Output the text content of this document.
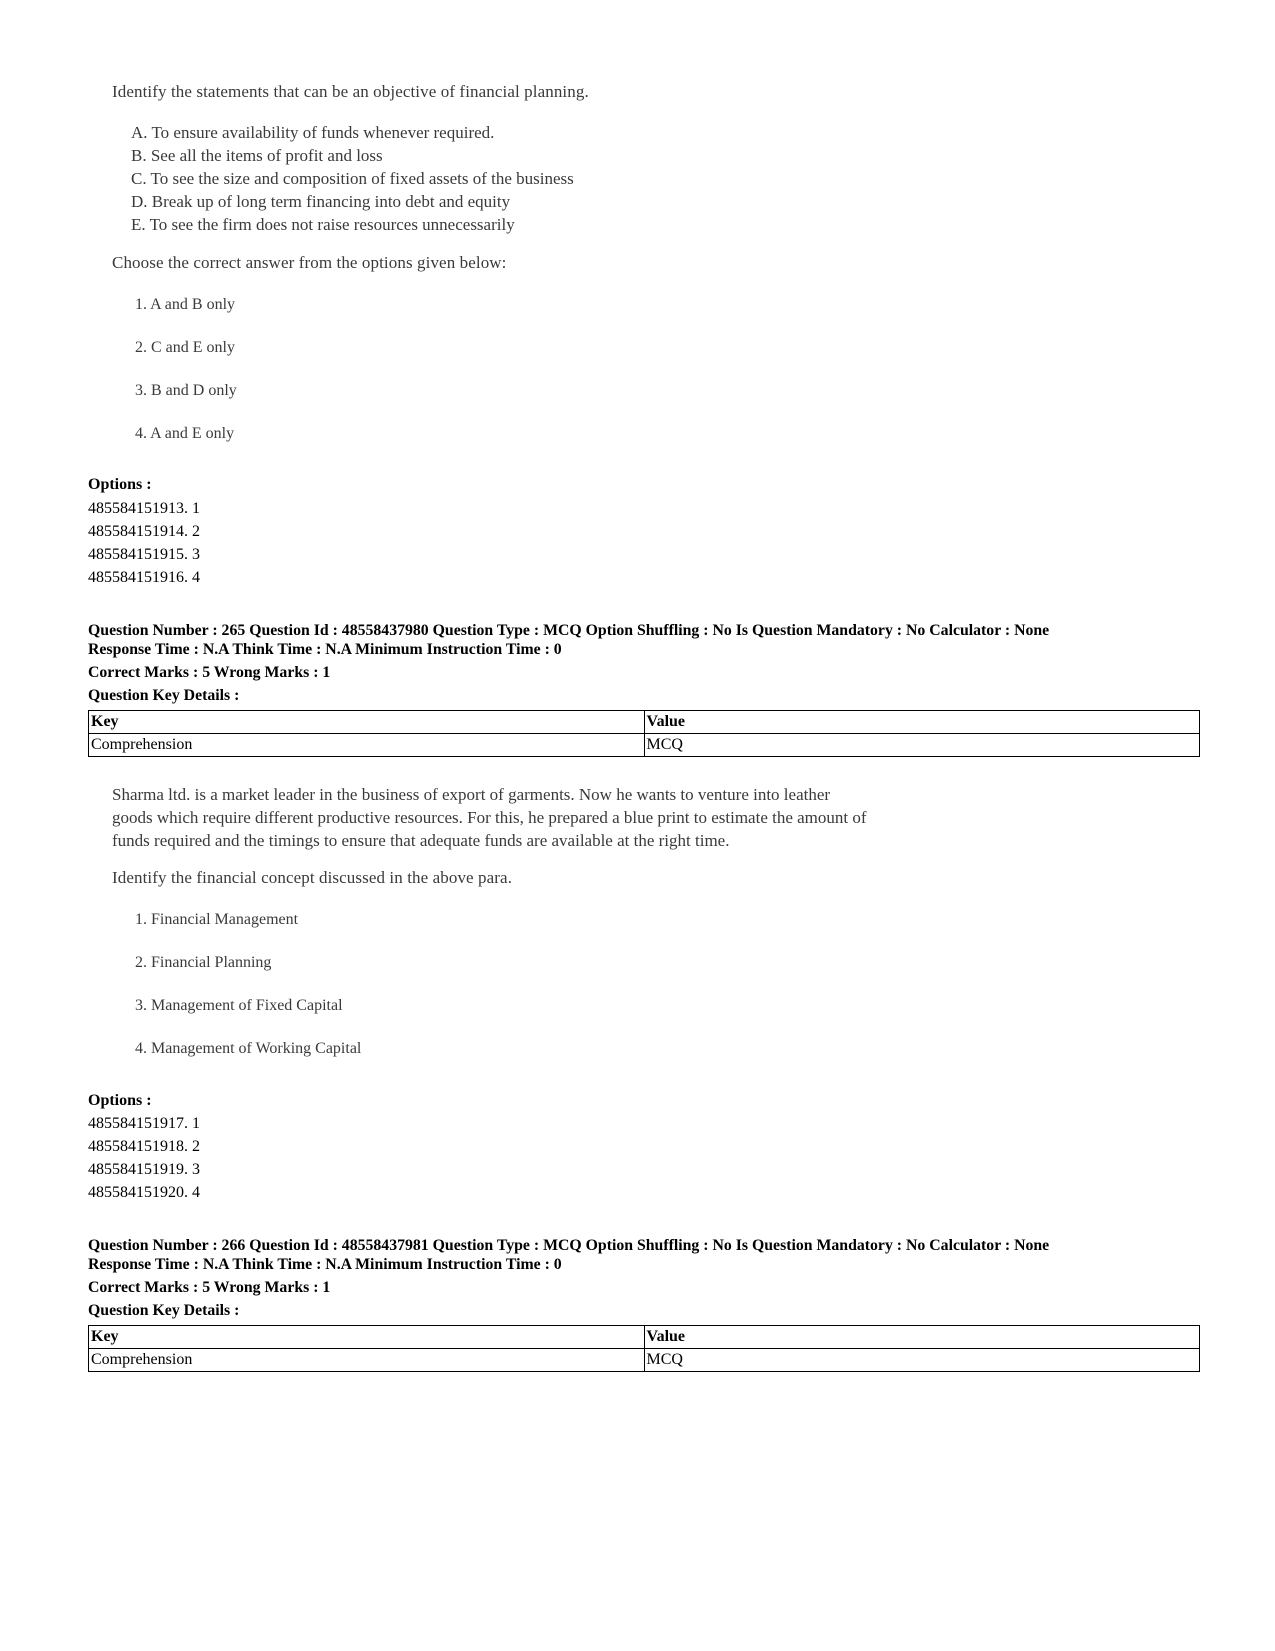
Identify the statements that can be an objective of financial planning.
A. To ensure availability of funds whenever required.
B. See all the items of profit and loss
C. To see the size and composition of fixed assets of the business
D. Break up of long term financing into debt and equity
E. To see the firm does not raise resources unnecessarily
Choose the correct answer from the options given below:
1. A and B only
2. C and E only
3. B and D only
4. A and E only
Options :
485584151913. 1
485584151914. 2
485584151915. 3
485584151916. 4
Question Number : 265 Question Id : 48558437980 Question Type : MCQ Option Shuffling : No Is Question Mandatory : No Calculator : None
Response Time : N.A Think Time : N.A Minimum Instruction Time : 0
Correct Marks : 5 Wrong Marks : 1
Question Key Details :
Key	Value
Comprehension	MCQ
Sharma ltd. is a market leader in the business of export of garments. Now he wants to venture into leather
goods which require different productive resources. For this, he prepared a blue print to estimate the amount of
funds required and the timings to ensure that adequate funds are available at the right time.
Identify the financial concept discussed in the above para.
1. Financial Management
2. Financial Planning
3. Management of Fixed Capital
4. Management of Working Capital
Options :
485584151917. 1
485584151918. 2
485584151919. 3
485584151920. 4
Question Number : 266 Question Id : 48558437981 Question Type : MCQ Option Shuffling : No Is Question Mandatory : No Calculator : None
Response Time : N.A Think Time : N.A Minimum Instruction Time : 0
Correct Marks : 5 Wrong Marks : 1
Question Key Details :
Key	Value
Comprehension	MCQ
